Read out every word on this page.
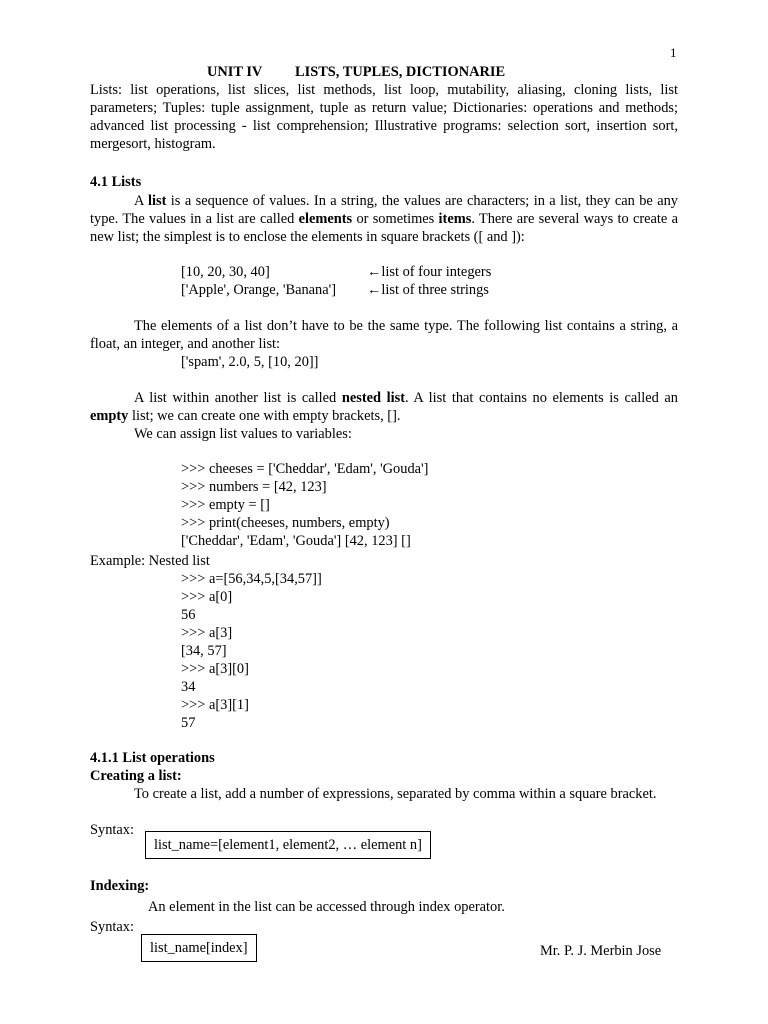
1
UNIT IV LISTS, TUPLES, DICTIONARIE
Lists: list operations, list slices, list methods, list loop, mutability, aliasing, cloning lists, list parameters; Tuples: tuple assignment, tuple as return value; Dictionaries: operations and methods; advanced list processing - list comprehension; Illustrative programs: selection sort, insertion sort, mergesort, histogram.
4.1 Lists
A list is a sequence of values. In a string, the values are characters; in a list, they can be any type. The values in a list are called elements or sometimes items. There are several ways to create a new list; the simplest is to enclose the elements in square brackets ([ and ]):
[10, 20, 30, 40]	←list of four integers
['Apple', Orange, 'Banana'] ←list of three strings
The elements of a list don’t have to be the same type. The following list contains a string, a float, an integer, and another list:
['spam', 2.0, 5, [10, 20]]
A list within another list is called nested list. A list that contains no elements is called an empty list; we can create one with empty brackets, [].
We can assign list values to variables:
>>> cheeses = ['Cheddar', 'Edam', 'Gouda']
>>> numbers = [42, 123]
>>> empty = []
>>> print(cheeses, numbers, empty)
['Cheddar', 'Edam', 'Gouda'] [42, 123] []
Example: Nested list
>>> a=[56,34,5,[34,57]]
>>> a[0]
56
>>> a[3]
[34, 57]
>>> a[3][0]
34
>>> a[3][1]
57
4.1.1 List operations
Creating a list:
To create a list, add a number of expressions, separated by comma within a square bracket.
Syntax:
list_name=[element1, element2, … element n]
Indexing:
An element in the list can be accessed through index operator.
Syntax:
list_name[index]	Mr. P. J. Merbin Jose
